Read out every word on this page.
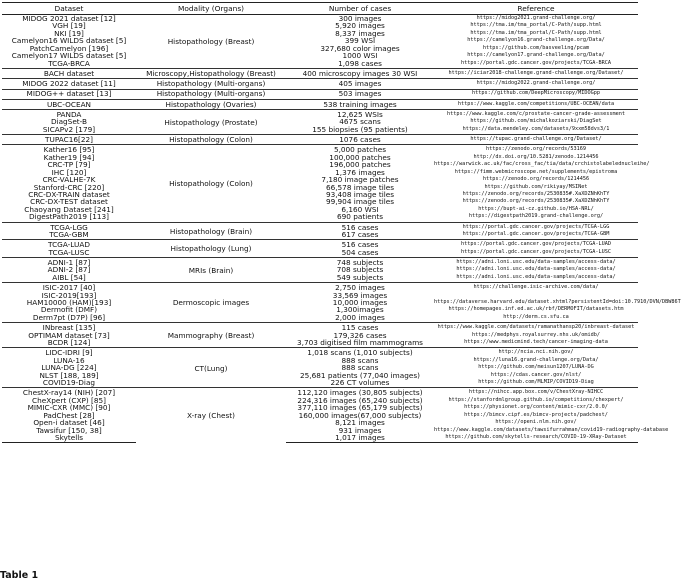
Dataset	Modality (Organs)	Number of cases	Reference
MIDOG 2021 dataset [12]	Histopathology (Breast)	300 images	https://midog2021.grand-challenge.org/
VGH [19]		5,920 images	https://tma.im/tma_portal/C-Path/supp.html
NKI [19]		8,337 images	https://tma.im/tma_portal/C-Path/supp.html
Camelyon16 WILDS dataset [5]		399 WSI	https://camelyon16.grand-challenge.org/Data/
PatchCamelyon [196]		327,680 color images	https://github.com/basveeling/pcam
Camelyon17 WILDS dataset [5]		1000 WSI	https://camelyon17.grand-challenge.org/Data/
TCGA-BRCA		1,098 cases	https://portal.gdc.cancer.gov/projects/TCGA-BRCA
BACH dataset	Microscopy,Histopathology (Breast)	400 microscopy images 30 WSI	https://iciar2018-challenge.grand-challenge.org/Dataset/
MIDOG 2022 dataset [11]	Histopathology (Multi-organs)	405 images	https://midog2022.grand-challenge.org/
MIDOG++ dataset [13]	Histopathology (Multi-organs)	503 images	https://github.com/DeepMicroscopy/MIDOGpp
UBC-OCEAN	Histopathology (Ovaries)	538 training images	https://www.kaggle.com/competitions/UBC-OCEAN/data
PANDA	Histopathology (Prostate)	12,625 WSIs	https://www.kaggle.com/c/prostate-cancer-grade-assessment
DiagSet-B		4675 scans	https://github.com/michalkoziarski/DiagSet
SICAPv2 [179]		155 biopsies (95 patients)	https://data.mendeley.com/datasets/9xxm58dvs3/1
TUPAC16[22]	Histopathology (Colon)	1076 cases	https://tupac.grand-challenge.org/Dataset/
Kather16 [95]	Histopathology (Colon)	5,000 patches	https://zenodo.org/records/53169
Kather19 [94]		100,000 patches	http://dx.doi.org/10.5281/zenodo.1214456
CRC-TP [79]		196,000 patches	https://warwick.ac.uk/fac/cross_fac/tia/data/crchistolabelednucleihe/
IHC [120]		1,376 images	https://fimm.webmicroscope.net/supplements/epistroma
CRC-VALHE-7K		7,180 image patches	https://zenodo.org/records/1214456
Stanford-CRC [220]		66,578 image tiles	https://github.com/rikiyay/MSINet
CRC-DX-TRAIN dataset		93,408 image tiles	https://zenodo.org/records/2530835#.XaXDZNhKhTY
CRC-DX-TEST dataset		99,904 image tiles	https://zenodo.org/records/2530835#.XaXDZNhKhTY
Chaoyang Dataset [241]		6,160 WSI	https://bupt-ai-cz.github.io/HSA-NRL/
DigestPath2019 [113]		690 patients	https://digestpath2019.grand-challenge.org/
TCGA-LGG	Histopathology (Brain)	516 cases	https://portal.gdc.cancer.gov/projects/TCGA-LGG
TCGA-GBM		617 cases	https://portal.gdc.cancer.gov/projects/TCGA-GBM
TCGA-LUAD	Histopathology (Lung)	516 cases	https://portal.gdc.cancer.gov/projects/TCGA-LUAD
TCGA-LUSC		504 cases	https://portal.gdc.cancer.gov/projects/TCGA-LUSC
ADNI-1 [87]	MRIs (Brain)	748 subjects	https://adni.loni.usc.edu/data-samples/access-data/
ADNI-2 [87]		708 subjects	https://adni.loni.usc.edu/data-samples/access-data/
AIBL [54]		549 subjects	https://adni.loni.usc.edu/data-samples/access-data/
ISIC-2017 [40]	Dermoscopic images	2,750 images	https://challenge.isic-archive.com/data/
ISIC-2019[193]		33,569 images	
HAM10000 (HAM)[193]		10,000 images	https://dataverse.harvard.edu/dataset.xhtml?persistentId=doi:10.7910/DVN/DBW86T
Dermofit (DMF)		1,300images	https://homepages.inf.ed.ac.uk/rbf/DERMOFIT/datasets.htm
Derm7pt (D7P) [96]		2,000 images	http://derm.cs.sfu.ca
INbreast [135]	Mammography (Breast)	115 cases	https://www.kaggle.com/datasets/ramanathansp20/inbreast-dataset
OPTIMAM dataset [73]		179,326 cases	https://medphys.royalsurrey.nhs.uk/omidb/
BCDR [124]		3,703 digitised film mammograms	https://www.medicmind.tech/cancer-imaging-data
LIDC-IDRI [9]	CT(Lung)	1,018 scans (1,010 subjects)	http://ncia.nci.nih.gov/
LUNA-16		888 scans	https://luna16.grand-challenge.org/Data/
LUNA-DG [224]		888 scans	https://github.com/meisun1207/LUNA-DG
NLST [188, 189]		25,681 patients (77,040 images)	https://cdas.cancer.gov/nlst/
COVID19-Diag		226 CT volumes	https://github.com/MLMIP/COVID19-Diag
ChestX-ray14 (NIH) [207]	X-ray (Chest)	112,120 images (30,805 subjects)	https://nihcc.app.box.com/v/ChestXray-NIHCC
CheXpert (CXP) [85]		224,316 images (65,240 subjects)	https://stanfordmlgroup.github.io/competitions/chexpert/
MIMIC-CXR (MMC) [90]		377,110 images (65,179 subjects)	https://physionet.org/content/mimic-cxr/2.0.0/
PadChest [28]		160,000 images(67,000 subjects)	https://bimcv.cipf.es/bimcv-projects/padchest/
Open-i dataset [46]		8,121 images	https://openi.nlm.nih.gov/
Tawsifur [150, 38]		931 images	https://www.kaggle.com/datasets/tawsifurrahman/covid19-radiography-database
Skytells		1,017 images	https://github.com/skytells-research/COVID-19-XRay-Dataset
Table 1
